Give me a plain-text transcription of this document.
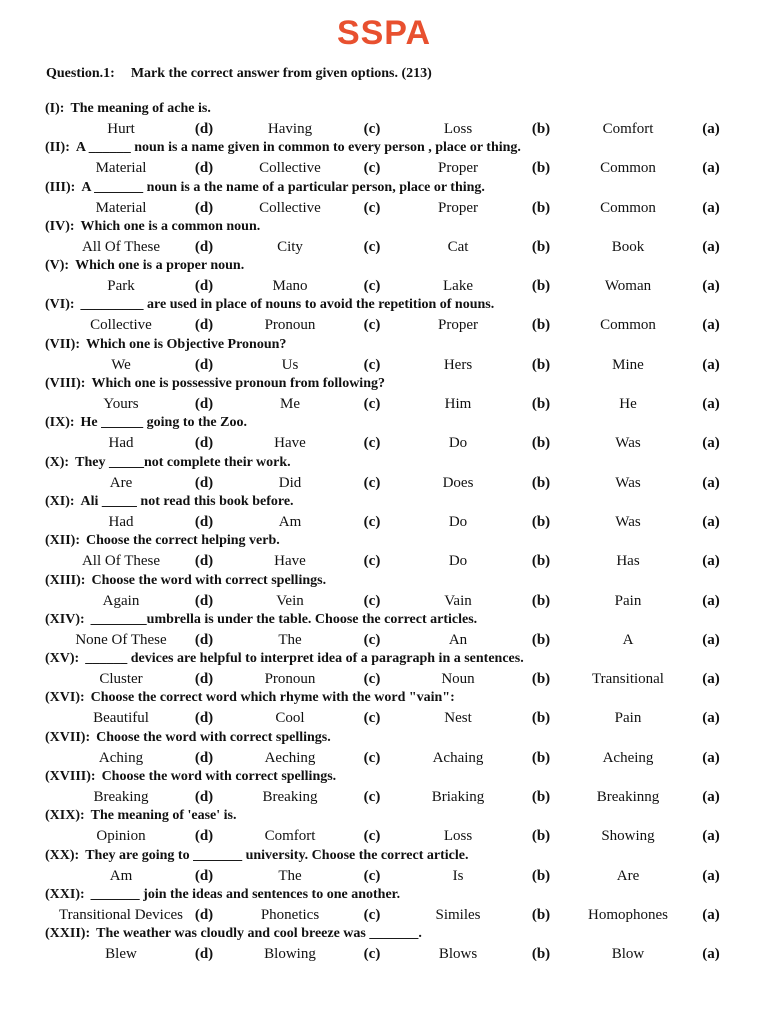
SSPA
Question.1: Mark the correct answer from given options. (213)
(I): The meaning of ache is.
Hurt	(d)	Having	(c)	Loss	(b)	Comfort	(a)
(II): A ______ noun is a name given in common to every person , place or thing.
Material	(d)	Collective	(c)	Proper	(b)	Common	(a)
(III): A _______ noun is a the name of a particular person, place or thing.
Material	(d)	Collective	(c)	Proper	(b)	Common	(a)
(IV): Which one is a common noun.
All Of These (d)	City	(c)	Cat	(b)	Book	(a)
(V): Which one is a proper noun.
Park	(d)	Mano	(c)	Lake	(b)	Woman	(a)
(VI): _________ are used in place of nouns to avoid the repetition of nouns.
Collective	(d)	Pronoun	(c)	Proper	(b)	Common	(a)
(VII): Which one is Objective Pronoun?
We	(d)	Us	(c)	Hers	(b)	Mine	(a)
(VIII): Which one is possessive pronoun from following?
Yours	(d)	Me	(c)	Him	(b)	He	(a)
(IX): He ______ going to the Zoo.
Had	(d)	Have	(c)	Do	(b)	Was	(a)
(X): They _____not complete their work.
Are	(d)	Did	(c)	Does	(b)	Was	(a)
(XI): Ali _____ not read this book before.
Had	(d)	Am	(c)	Do	(b)	Was	(a)
(XII): Choose the correct helping verb.
All Of These (d)	Have	(c)	Do	(b)	Has	(a)
(XIII): Choose the word with correct spellings.
Again	(d)	Vein	(c)	Vain	(b)	Pain	(a)
(XIV): ________umbrella is under the table. Choose the correct articles.
None Of These (d)	The	(c)	An	(b)	A	(a)
(XV): ______ devices are helpful to interpret idea of a paragraph in a sentences.
Cluster	(d)	Pronoun	(c)	Noun	(b)	Transitional	(a)
(XVI): Choose the correct word which rhyme with the word "vain":
Beautiful	(d)	Cool	(c)	Nest	(b)	Pain	(a)
(XVII): Choose the word with correct spellings.
Aching	(d)	Aeching	(c)	Achaing	(b)	Acheing	(a)
(XVIII): Choose the word with correct spellings.
Breaking	(d)	Breaking	(c)	Briaking	(b)	Breakinng	(a)
(XIX): The meaning of 'ease' is.
Opinion	(d)	Comfort	(c)	Loss	(b)	Showing	(a)
(XX): They are going to _______ university. Choose the correct article.
Am	(d)	The	(c)	Is	(b)	Are	(a)
(XXI): _______ join the ideas and sentences to one another.
Transitional Devices (d)	Phonetics	(c)	Similes	(b)	Homophones (a)
(XXII): The weather was cloudly and cool breeze was _______.
Blew	(d)	Blowing	(c)	Blows	(b)	Blow	(a)
